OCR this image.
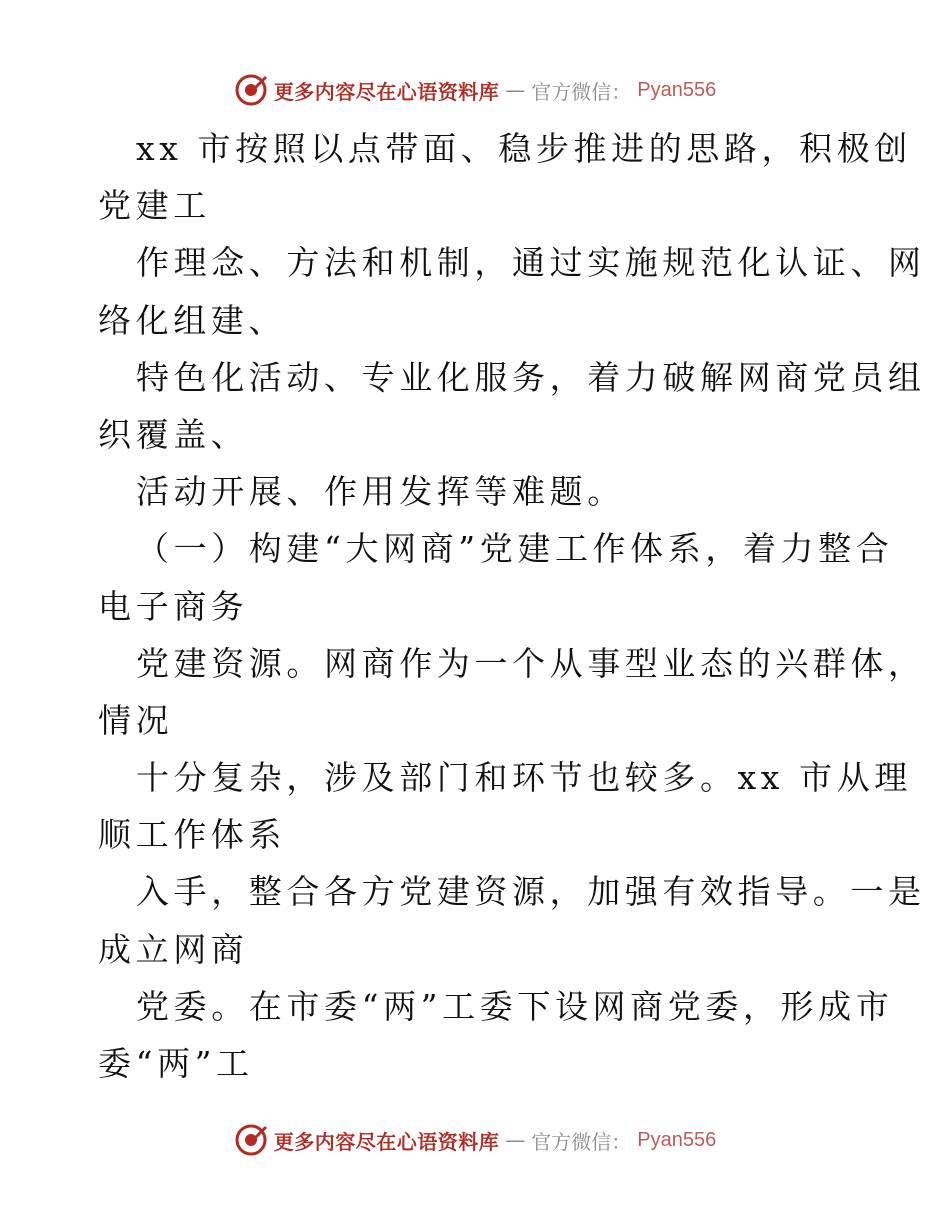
更多内容尽在心语资料库 — 官方微信： Pyan556
xx 市按照以点带面、稳步推进的思路，积极创
党建工
作理念、方法和机制，通过实施规范化认证、网
络化组建、
特色化活动、专业化服务，着力破解网商党员组
织覆盖、
活动开展、作用发挥等难题。
（一）构建“大网商”党建工作体系，着力整合
电子商务
党建资源。网商作为一个从事型业态的兴群体，
情况
十分复杂，涉及部门和环节也较多。xx 市从理
顺工作体系
入手，整合各方党建资源，加强有效指导。一是
成立网商
党委。在市委“两”工委下设网商党委，形成市
委“两”工
更多内容尽在心语资料库 — 官方微信： Pyan556
